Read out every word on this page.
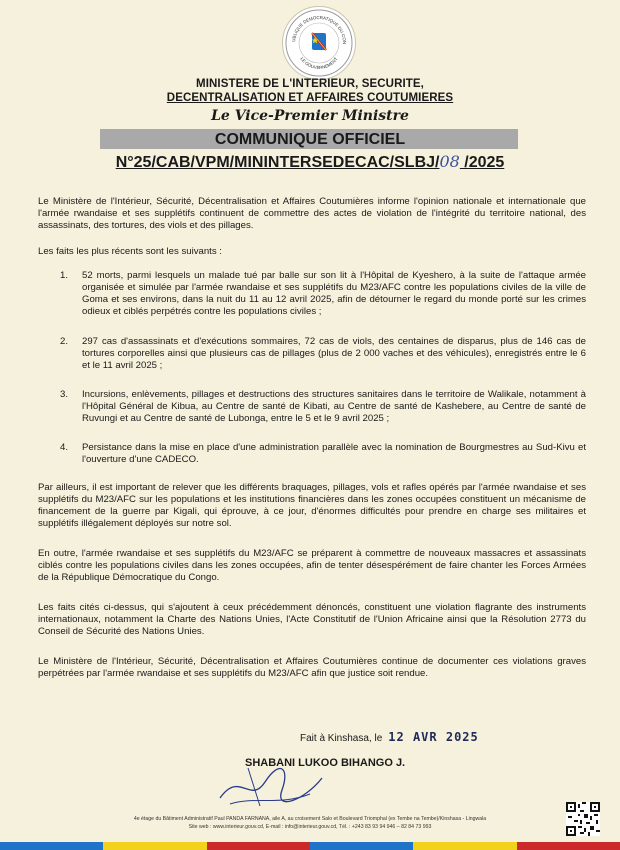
UBLIQUE DEMOCRATIQUE DU CON
LE GOUVERNEMENT
MINISTERE DE L'INTERIEUR, SECURITE,
DECENTRALISATION ET AFFAIRES COUTUMIERES
Le Vice-Premier Ministre
COMMUNIQUE OFFICIEL
N°25/CAB/VPM/MININTERSEDECAC/SLBJ/08 /2025
Le Ministère de l'Intérieur, Sécurité, Décentralisation et Affaires Coutumières informe l'opinion nationale et internationale que l'armée rwandaise et ses supplétifs continuent de commettre des actes de violation de l'intégrité du territoire national, des assassinats, des tortures, des viols et des pillages.
Les faits les plus récents sont les suivants :
1.	52 morts, parmi lesquels un malade tué par balle sur son lit à l'Hôpital de Kyeshero, à la suite de l'attaque armée organisée et simulée par l'armée rwandaise et ses supplétifs du M23/AFC contre les populations civiles de la ville de Goma et ses environs, dans la nuit du 11 au 12 avril 2025, afin de détourner le regard du monde porté sur les crimes odieux et ciblés perpétrés contre les populations civiles ;
2.	297 cas d'assassinats et d'exécutions sommaires, 72 cas de viols, des centaines de disparus, plus de 146 cas de tortures corporelles ainsi que plusieurs cas de pillages (plus de 2 000 vaches et des véhicules), enregistrés entre le 6 et le 11 avril 2025 ;
3.	Incursions, enlèvements, pillages et destructions des structures sanitaires dans le territoire de Walikale, notamment à l'Hôpital Général de Kibua, au Centre de santé de Kibati, au Centre de santé de Kashebere, au Centre de santé de Ruvungi et au Centre de santé de Lubonga, entre le 5 et le 9 avril 2025 ;
4.	Persistance dans la mise en place d'une administration parallèle avec la nomination de Bourgmestres au Sud-Kivu et l'ouverture d'une CADECO.
Par ailleurs, il est important de relever que les différents braquages, pillages, vols et rafles opérés par l'armée rwandaise et ses supplétifs du M23/AFC sur les populations et les institutions financières dans les zones occupées constituent un mécanisme de financement de la guerre par Kigali, qui éprouve, à ce jour, d'énormes difficultés pour prendre en charge ses militaires et supplétifs illégalement déployés sur notre sol.
En outre, l'armée rwandaise et ses supplétifs du M23/AFC se préparent à commettre de nouveaux massacres et assassinats ciblés contre les populations civiles dans les zones occupées, afin de tenter désespérément de faire chanter les Forces Armées de la République Démocratique du Congo.
Les faits cités ci-dessus, qui s'ajoutent à ceux précédemment dénoncés, constituent une violation flagrante des instruments internationaux, notamment la Charte des Nations Unies, l'Acte Constitutif de l'Union Africaine ainsi que la Résolution 2773 du Conseil de Sécurité des Nations Unies.
Le Ministère de l'Intérieur, Sécurité, Décentralisation et Affaires Coutumières continue de documenter ces violations graves perpétrées par l'armée rwandaise et ses supplétifs du M23/AFC afin que justice soit rendue.
Fait à Kinshasa, le 12 AVR 2025
SHABANI LUKOO BIHANGO J.
4e étage du Bâtiment Administratif Paul PANDA FARNANA, aile A, au croisement Salo et Boulevard Triomphal (ex Tembe na Tembe)/Kinshasa - Lingwala
Site web : www.interieur.gouv.cd, E-mail : info@interieur.gouv.cd, Tél. : +243 83 93 94 946 – 82 84 73 993
